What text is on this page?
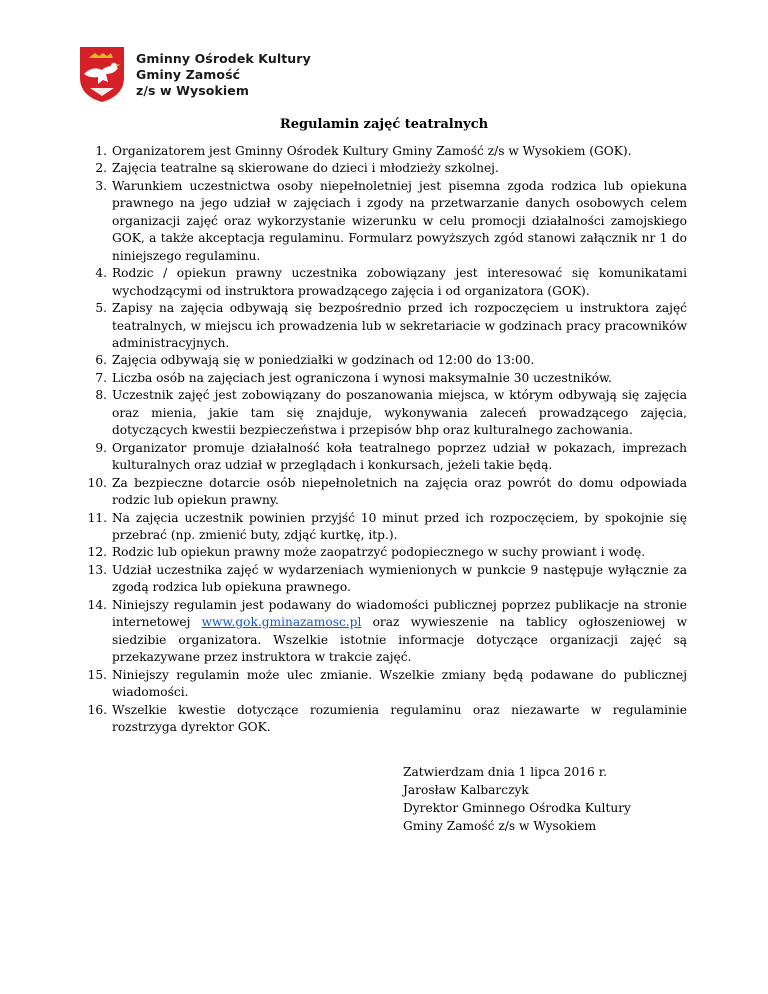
Gminny Ośrodek Kultury
Gminy Zamość
z/s w Wysokiem
Regulamin zajęć teatralnych
1. Organizatorem jest Gminny Ośrodek Kultury Gminy Zamość z/s w Wysokiem (GOK).
2. Zajęcia teatralne są skierowane do dzieci i młodzieży szkolnej.
3. Warunkiem uczestnictwa osoby niepełnoletniej jest pisemna zgoda rodzica lub opiekuna prawnego na jego udział w zajęciach i zgody na przetwarzanie danych osobowych celem organizacji zajęć oraz wykorzystanie wizerunku w celu promocji działalności zamojskiego GOK, a także akceptacja regulaminu. Formularz powyższych zgód stanowi załącznik nr 1 do niniejszego regulaminu.
4. Rodzic / opiekun prawny uczestnika zobowiązany jest interesować się komunikatami wychodzącymi od instruktora prowadzącego zajęcia i od organizatora (GOK).
5. Zapisy na zajęcia odbywają się bezpośrednio przed ich rozpoczęciem u instruktora zajęć teatralnych, w miejscu ich prowadzenia lub w sekretariacie w godzinach pracy pracowników administracyjnych.
6. Zajęcia odbywają się w poniedziałki w godzinach od 12:00 do 13:00.
7. Liczba osób na zajęciach jest ograniczona i wynosi maksymalnie 30 uczestników.
8. Uczestnik zajęć jest zobowiązany do poszanowania miejsca, w którym odbywają się zajęcia oraz mienia, jakie tam się znajduje, wykonywania zaleceń prowadzącego zajęcia, dotyczących kwestii bezpieczeństwa i przepisów bhp oraz kulturalnego zachowania.
9. Organizator promuje działalność koła teatralnego poprzez udział w pokazach, imprezach kulturalnych oraz udział w przeglądach i konkursach, jeżeli takie będą.
10. Za bezpieczne dotarcie osób niepełnoletnich na zajęcia oraz powrót do domu odpowiada rodzic lub opiekun prawny.
11. Na zajęcia uczestnik powinien przyjść 10 minut przed ich rozpoczęciem, by spokojnie się przebrać (np. zmienić buty, zdjąć kurtkę, itp.).
12. Rodzic lub opiekun prawny może zaopatrzyć podopiecznego w suchy prowiant i wodę.
13. Udział uczestnika zajęć w wydarzeniach wymienionych w punkcie 9 następuje wyłącznie za zgodą rodzica lub opiekuna prawnego.
14. Niniejszy regulamin jest podawany do wiadomości publicznej poprzez publikacje na stronie internetowej www.gok.gminazamosc.pl oraz wywieszenie na tablicy ogłoszeniowej w siedzibie organizatora. Wszelkie istotnie informacje dotyczące organizacji zajęć są przekazywane przez instruktora w trakcie zajęć.
15. Niniejszy regulamin może ulec zmianie. Wszelkie zmiany będą podawane do publicznej wiadomości.
16. Wszelkie kwestie dotyczące rozumienia regulaminu oraz niezawarte w regulaminie rozstrzyga dyrektor GOK.
Zatwierdzam dnia 1 lipca 2016 r.
Jarosław Kalbarczyk
Dyrektor Gminnego Ośrodka Kultury
Gminy Zamość z/s w Wysokiem
